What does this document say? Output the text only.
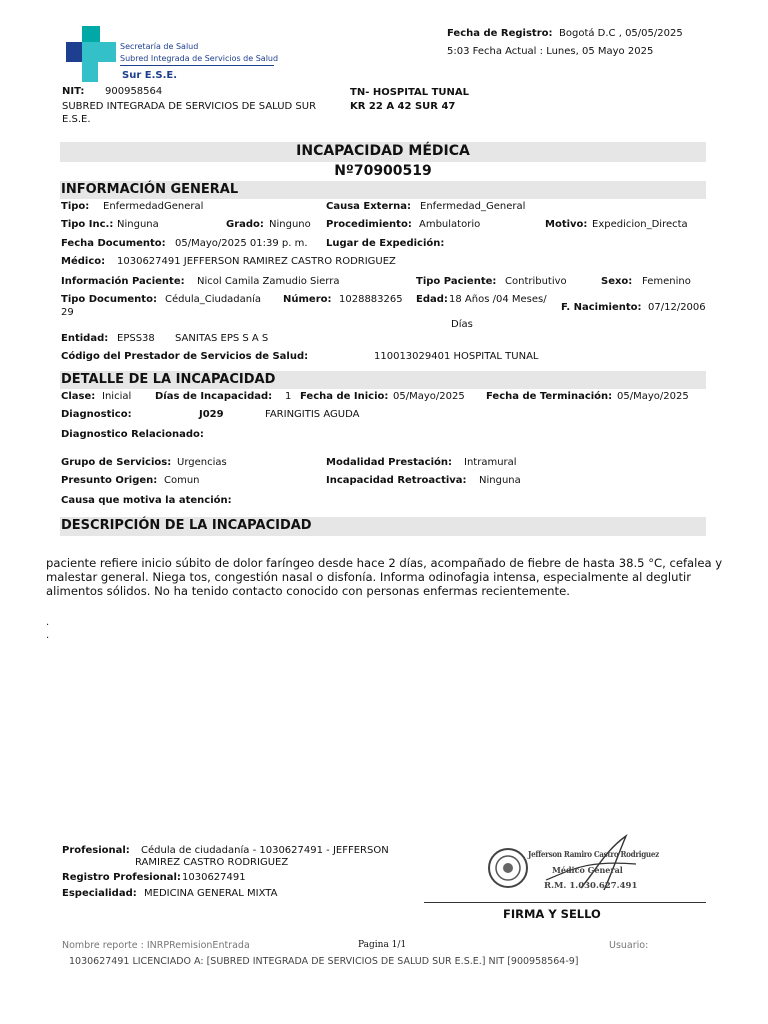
Secretaría de Salud
Subred Integrada de Servicios de Salud
Sur E.S.E.
Fecha de Registro: Bogotá D.C , 05/05/2025
5:03 Fecha Actual : Lunes, 05 Mayo 2025
NIT: 900958564
SUBRED INTEGRADA DE SERVICIOS DE SALUD SUR
E.S.E.
TN- HOSPITAL TUNAL
KR 22 A 42 SUR 47
INCAPACIDAD MÉDICA
Nº70900519
INFORMACIÓN GENERAL
Tipo: EnfermedadGeneral	Causa Externa: Enfermedad_General
Tipo Inc.: Ninguna	Grado: Ninguno Procedimiento: Ambulatorio	Motivo: Expedicion_Directa
Fecha Documento: 05/Mayo/2025 01:39 p. m. Lugar de Expedición:
Médico: 1030627491 JEFFERSON RAMIREZ CASTRO RODRIGUEZ
Información Paciente: Nicol Camila Zamudio Sierra	Tipo Paciente: Contributivo	Sexo: Femenino
Tipo Documento: Cédula_Ciudadanía
29
Número: 1028883265 Edad: 18 Años /04 Meses/
Días
F. Nacimiento: 07/12/2006
Entidad: EPSS38 SANITAS EPS S A S
Código del Prestador de Servicios de Salud:	110013029401 HOSPITAL TUNAL
DETALLE DE LA INCAPACIDAD
Clase: Inicial Días de Incapacidad: 1 Fecha de Inicio: 05/Mayo/2025 Fecha de Terminación: 05/Mayo/2025
Diagnostico:	J029	FARINGITIS AGUDA
Diagnostico Relacionado:
Grupo de Servicios: Urgencias	Modalidad Prestación: Intramural
Presunto Origen: Comun	Incapacidad Retroactiva: Ninguna
Causa que motiva la atención:
DESCRIPCIÓN DE LA INCAPACIDAD
paciente refiere inicio súbito de dolor faríngeo desde hace 2 días, acompañado de fiebre de hasta 38.5 °C, cefalea y
malestar general. Niega tos, congestión nasal o disfonía. Informa odinofagia intensa, especialmente al deglutir
alimentos sólidos. No ha tenido contacto conocido con personas enfermas recientemente.
.
.
Profesional: Cédula de ciudadanía - 1030627491 - JEFFERSON
RAMIREZ CASTRO RODRIGUEZ
Registro Profesional: 1030627491
Especialidad: MEDICINA GENERAL MIXTA
Jefferson Ramiro Castro Rodriguez
Médico General
R.M. 1.030.627.491
FIRMA Y SELLO
Nombre reporte : INRPRemisionEntrada	Pagina 1/1	Usuario:
1030627491 LICENCIADO A: [SUBRED INTEGRADA DE SERVICIOS DE SALUD SUR E.S.E.] NIT [900958564-9]
